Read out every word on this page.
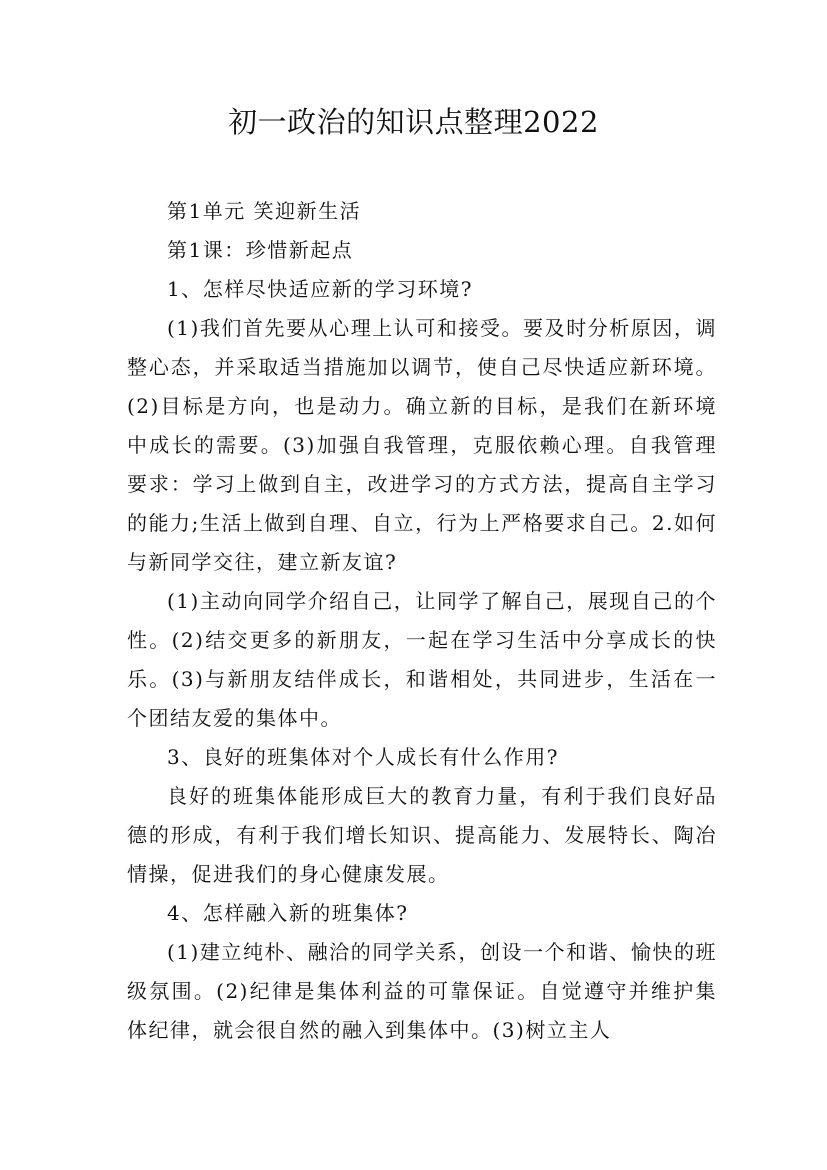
初一政治的知识点整理2022

第1单元 笑迎新生活

第1课：珍惜新起点

1、怎样尽快适应新的学习环境?

(1)我们首先要从心理上认可和接受。要及时分析原因，调整心态，并采取适当措施加以调节，使自己尽快适应新环境。(2)目标是方向，也是动力。确立新的目标，是我们在新环境中成长的需要。(3)加强自我管理，克服依赖心理。自我管理要求：学习上做到自主，改进学习的方式方法，提高自主学习的能力;生活上做到自理、自立，行为上严格要求自己。2.如何与新同学交往，建立新友谊?

(1)主动向同学介绍自己，让同学了解自己，展现自己的个性。(2)结交更多的新朋友，一起在学习生活中分享成长的快乐。(3)与新朋友结伴成长，和谐相处，共同进步，生活在一个团结友爱的集体中。

3、良好的班集体对个人成长有什么作用?

良好的班集体能形成巨大的教育力量，有利于我们良好品德的形成，有利于我们增长知识、提高能力、发展特长、陶冶情操，促进我们的身心健康发展。

4、怎样融入新的班集体?

(1)建立纯朴、融洽的同学关系，创设一个和谐、愉快的班级氛围。(2)纪律是集体利益的可靠保证。自觉遵守并维护集体纪律，就会很自然的融入到集体中。(3)树立主人
